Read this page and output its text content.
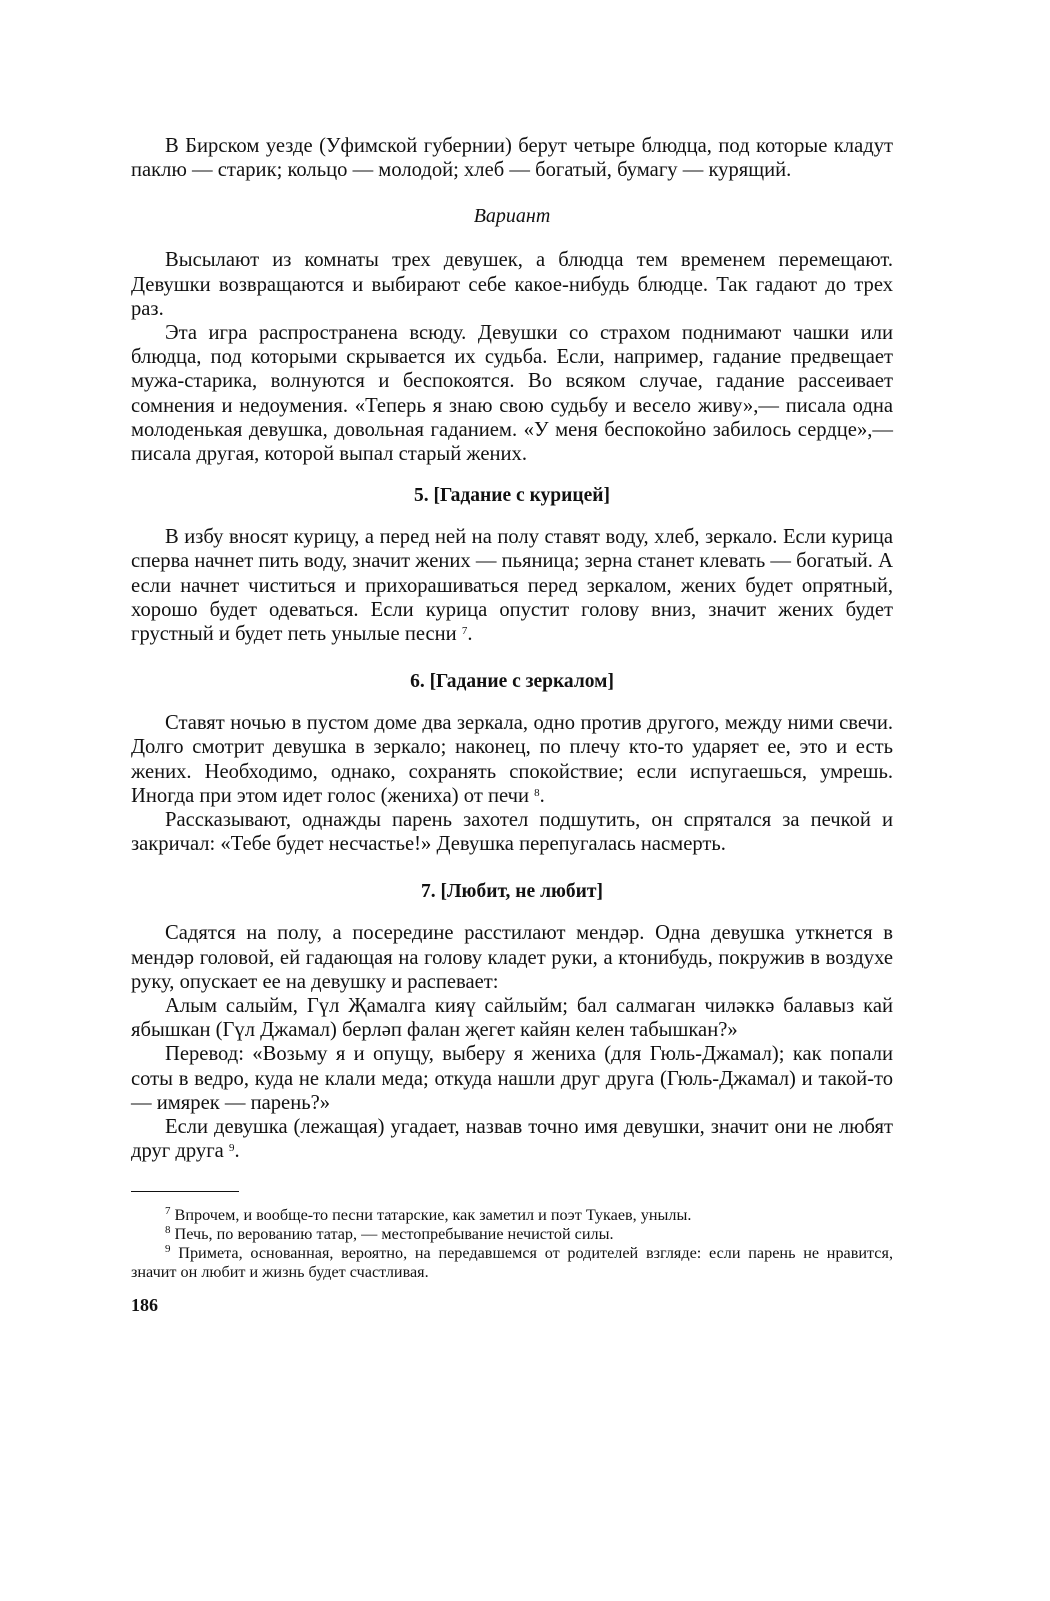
В Бирском уезде (Уфимской губернии) берут четыре блюдца, под которые кладут паклю — старик; кольцо — молодой; хлеб — богатый, бумагу — курящий.

Вариант

Высылают из комнаты трех девушек, а блюдца тем временем перемещают. Девушки возвращаются и выбирают себе какое-нибудь блюдце. Так гадают до трех раз.

Эта игра распространена всюду. Девушки со страхом поднимают чашки или блюдца, под которыми скрывается их судьба. Если, например, гадание предвещает мужа-старика, волнуются и беспокоятся. Во всяком случае, гадание рассеивает сомнения и недоумения. «Теперь я знаю свою судьбу и весело живу»,— писала одна молоденькая девушка, довольная гаданием. «У меня беспокойно забилось сердце»,— писала другая, которой выпал старый жених.

5. [Гадание с курицей]

В избу вносят курицу, а перед ней на полу ставят воду, хлеб, зеркало. Если курица сперва начнет пить воду, значит жених — пьяница; зерна станет клевать — богатый. А если начнет чиститься и прихорашиваться перед зеркалом, жених будет опрятный, хорошо будет одеваться. Если курица опустит голову вниз, значит жених будет грустный и будет петь унылые песни $^7$.

6. [Гадание с зеркалом]

Ставят ночью в пустом доме два зеркала, одно против другого, между ними свечи. Долго смотрит девушка в зеркало; наконец, по плечу кто-то ударяет ее, это и есть жених. Необходимо, однако, сохранять спокойствие; если испугаешься, умрешь. Иногда при этом идет голос (жениха) от печи $^8$.

Рассказывают, однажды парень захотел подшутить, он спрятался за печкой и закричал: «Тебе будет несчастье!» Девушка перепугалась насмерть.

7. [Любит, не любит]

Садятся на полу, а посередине расстилают мендәр. Одна девушка уткнется в мендәр головой, ей гадающая на голову кладет руки, а ктонибудь, покружив в воздухе руку, опускает ее на девушку и распевает:

Алым салыйм, Гүл Җамалга кияү сайлыйм; бал салмаган чиләккә балавыз кай ябышкан (Гүл Джамал) берләп фалан җегет кайян келен табышкан?»

Перевод: «Возьму я и опущу, выберу я жениха (для Гюль-Джамал); как попали соты в ведро, куда не клали меда; откуда нашли друг друга (Гюль-Джамал) и такой-то — имярек — парень?»

Если девушка (лежащая) угадает, назвав точно имя девушки, значит они не любят друг друга $^9$.

$^7$ Впрочем, и вообще-то песни татарские, как заметил и поэт Тукаев, унылы.

$^8$ Печь, по верованию татар, — местопребывание нечистой силы.

$^9$ Примета, основанная, вероятно, на передавшемся от родителей взгляде: если парень не нравится, значит он любит и жизнь будет счастливая.

186
